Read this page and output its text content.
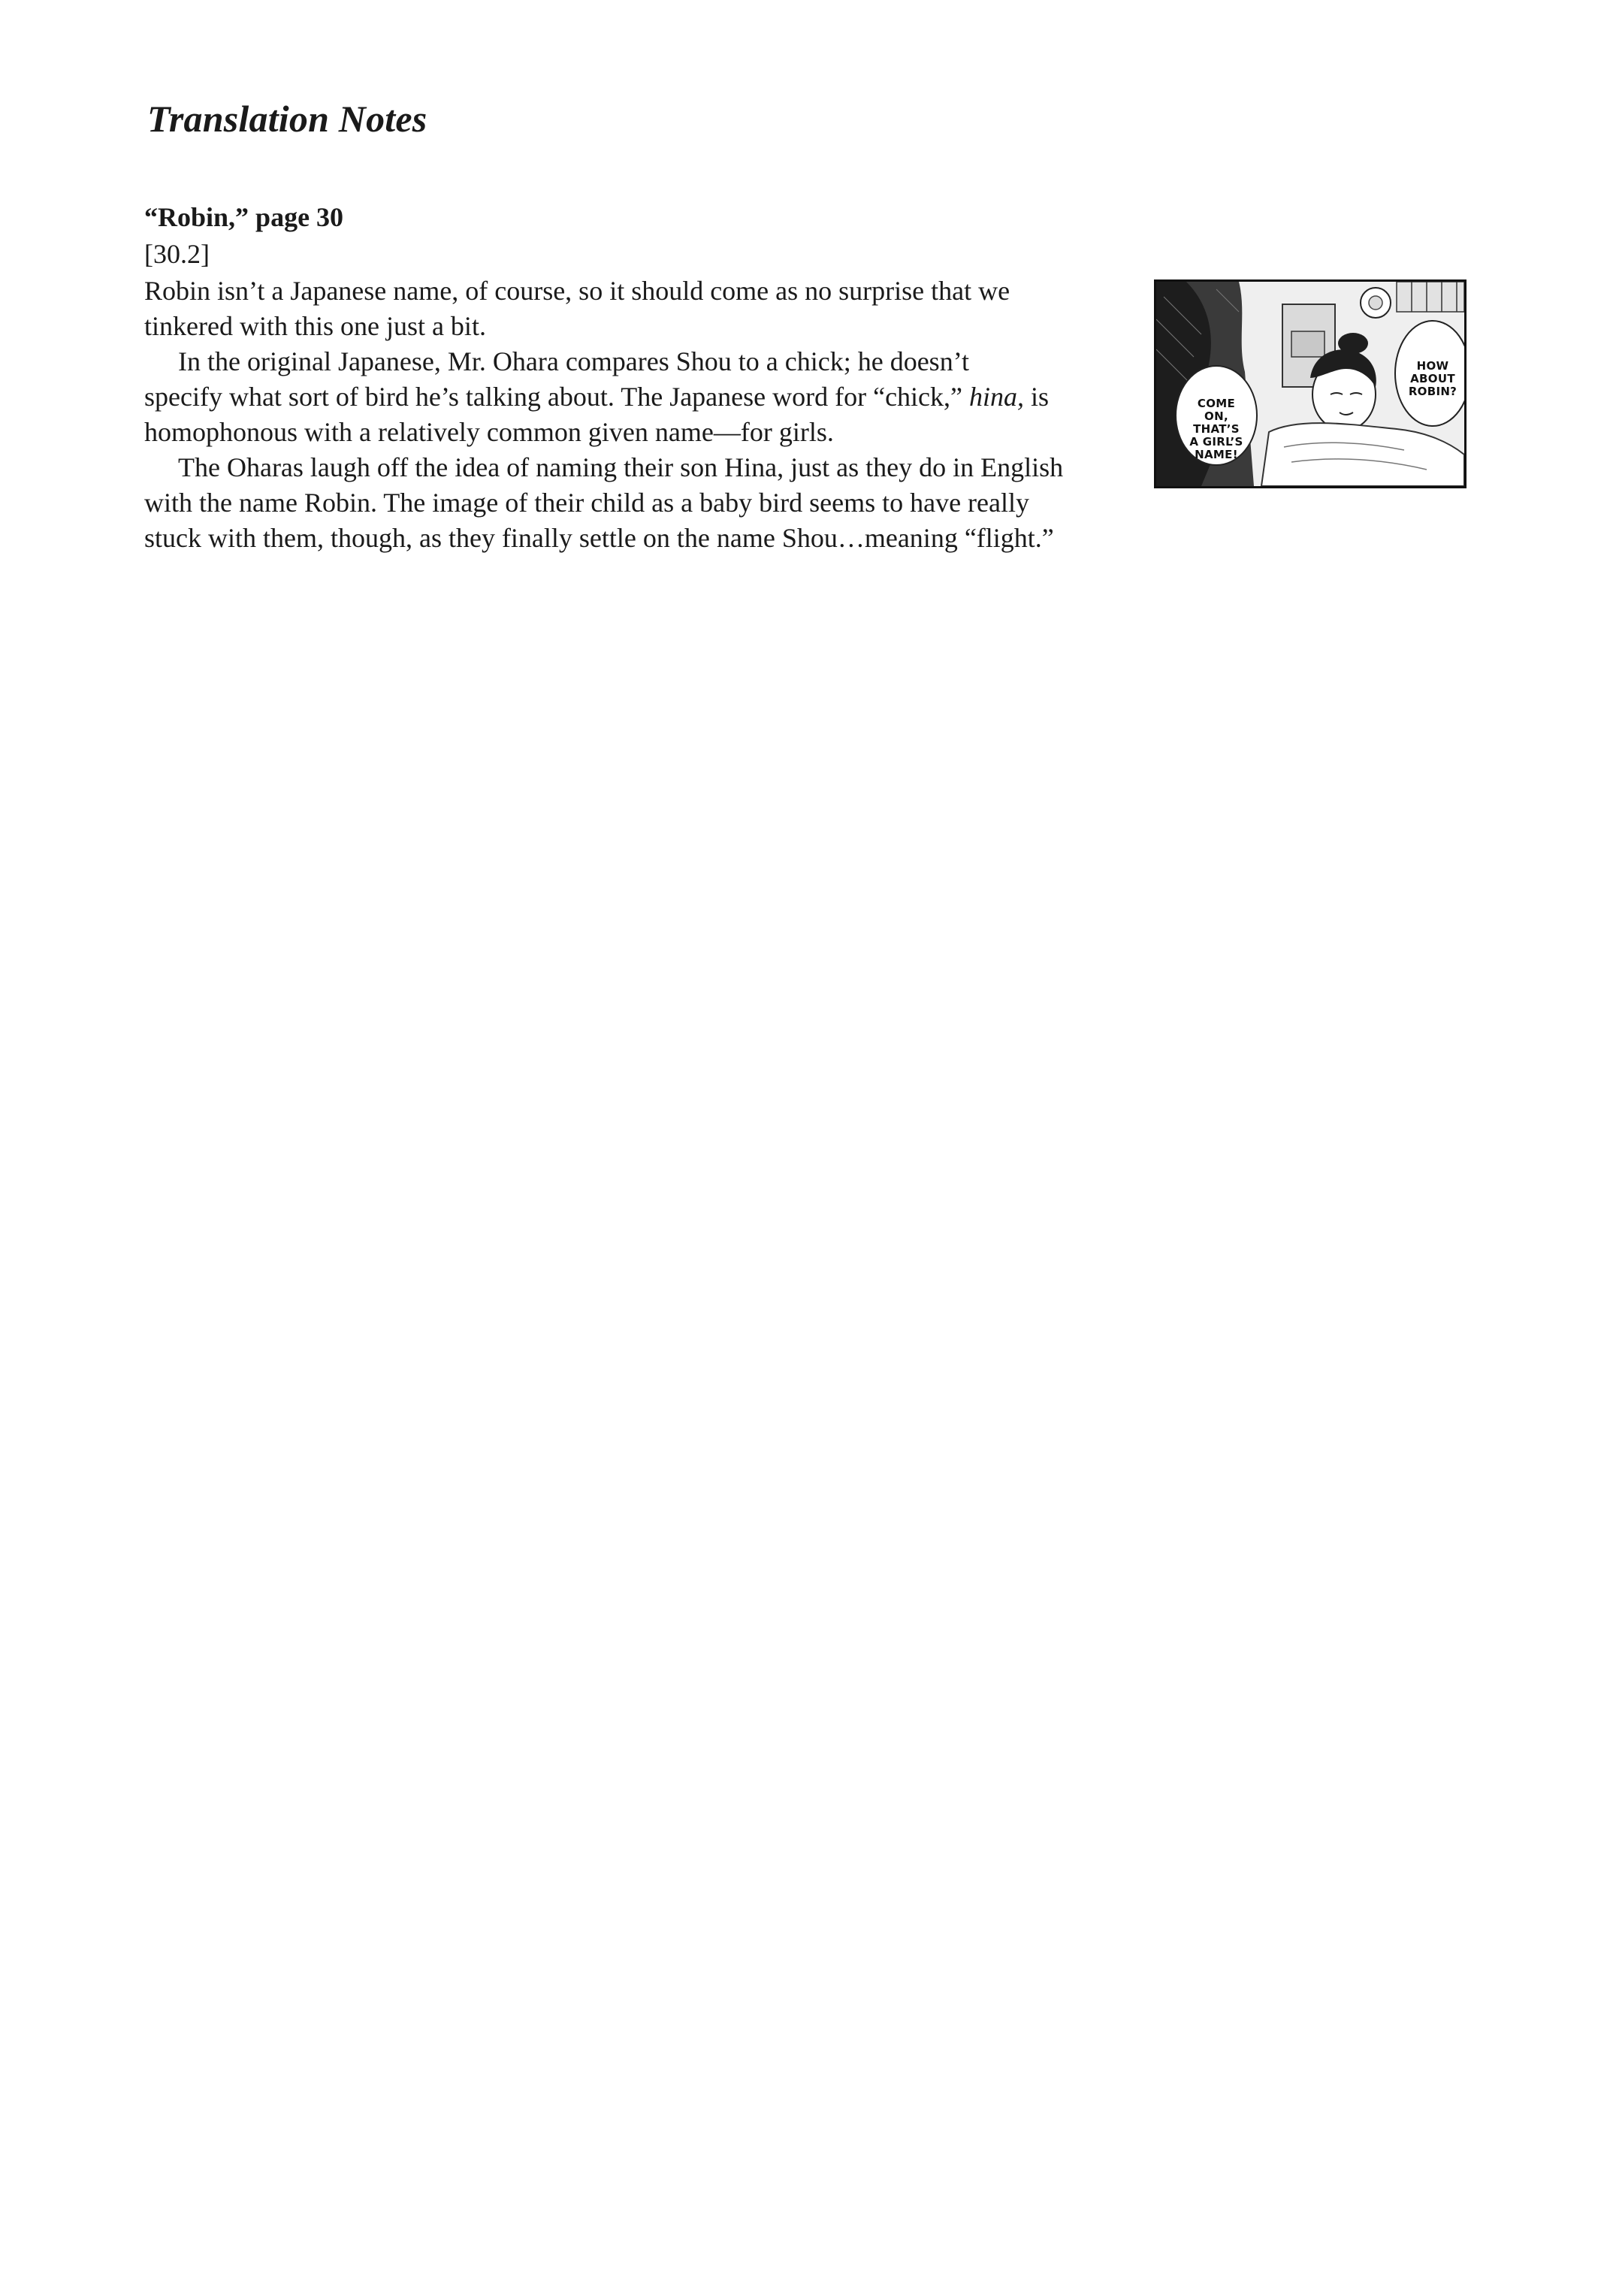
Translation Notes
“Robin,” page 30
[30.2]

Robin isn’t a Japanese name, of course, so it should come as no surprise that we
tinkered with this one just a bit.

In the original Japanese, Mr. Ohara compares Shou to a chick; he doesn’t
specify what sort of bird he’s talking about. The Japanese word for “chick,” hina, is
homophonous with a relatively common given name—for girls.

The Oharas laugh off the idea of naming their son Hina, just as they do in English
with the name Robin. The image of their child as a baby bird seems to have really
stuck with them, though, as they finally settle on the name Shou…meaning “flight.”

COME
ON, THAT’S
A GIRL’S
NAME!
HOW
ABOUT
ROBIN?
